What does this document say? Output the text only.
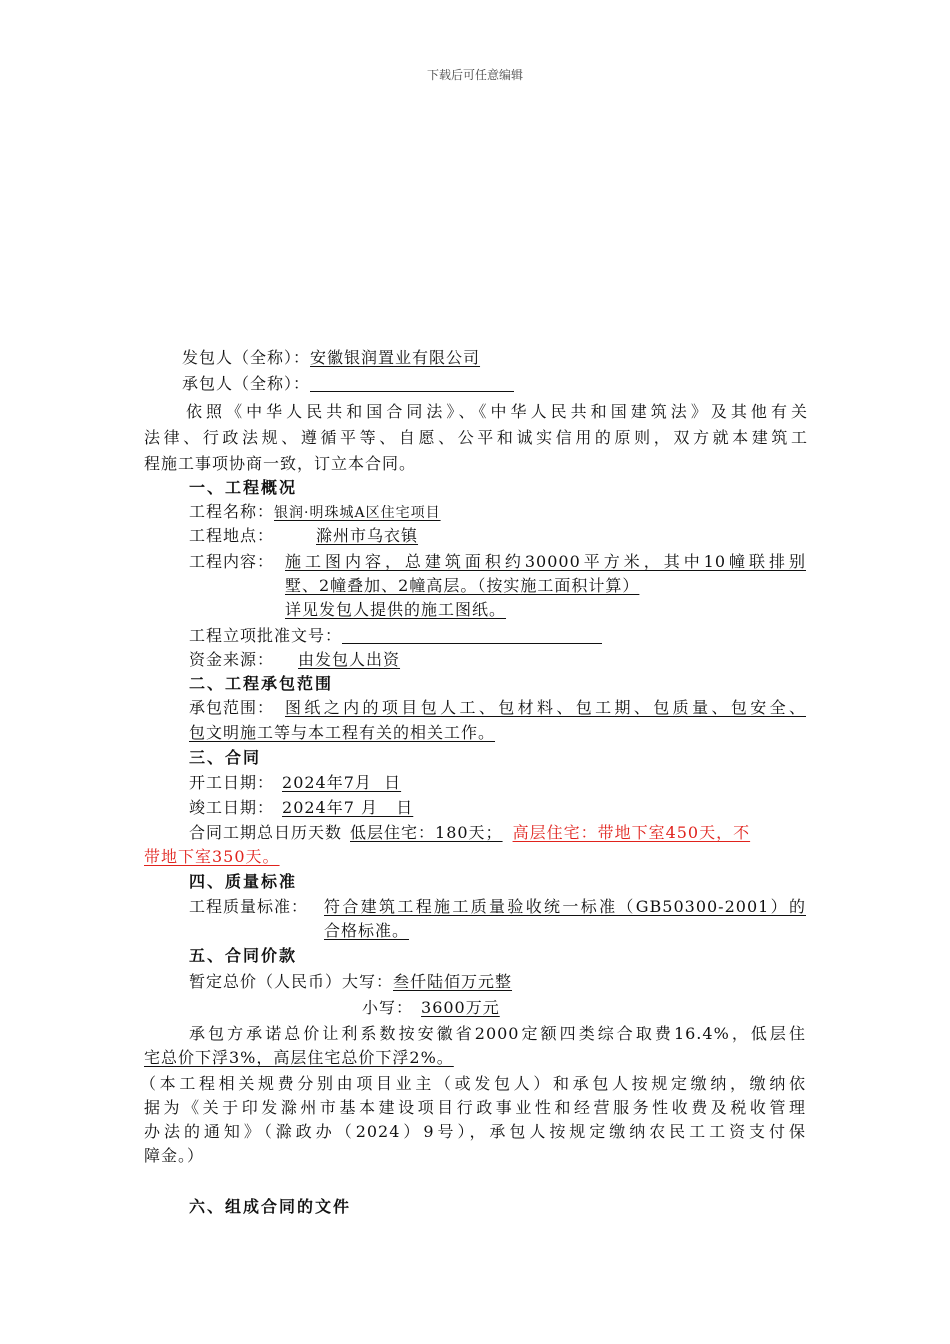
下载后可任意编辑
发包人（全称）：安徽银润置业有限公司
承包人（全称）：
依照《中华人民共和国合同法》、《中华人民共和国建筑法》及其他有关
法律、行政法规、遵循平等、自愿、公平和诚实信用的原则，双方就本建筑工
程施工事项协商一致，订立本合同。
一、工程概况
工程名称：银润·明珠城A区住宅项目
工程地点：	滁州市乌衣镇
工程内容： 施工图内容，总建筑面积约30000平方米，其中10幢联排别
墅、2幢叠加、2幢高层。（按实施工面积计算）
详见发包人提供的施工图纸。
工程立项批准文号：
资金来源： 由发包人出资
二、工程承包范围
承包范围： 图纸之内的项目包人工、包材料、包工期、包质量、包安全、
包文明施工等与本工程有关的相关工作。
三、合同
开工日期： 2024年7月  日
竣工日期： 2024年7 月   日
合同工期总日历天数 低层住宅：180天； 高层住宅：带地下室450天，不
带地下室350天。
四、质量标准
工程质量标准： 符合建筑工程施工质量验收统一标准（GB50300-2001）的
合格标准。
五、合同价款
暂定总价（人民币）大写：叁仟陆佰万元整
小写： 3600万元
承包方承诺总价让利系数按安徽省2000定额四类综合取费16.4%，低层住
宅总价下浮3%，高层住宅总价下浮2%。
（本工程相关规费分别由项目业主（或发包人）和承包人按规定缴纳，缴纳依
据为《关于印发滁州市基本建设项目行政事业性和经营服务性收费及税收管理
办法的通知》（滁政办（2024）9号），承包人按规定缴纳农民工工资支付保
障金。）
六、组成合同的文件
